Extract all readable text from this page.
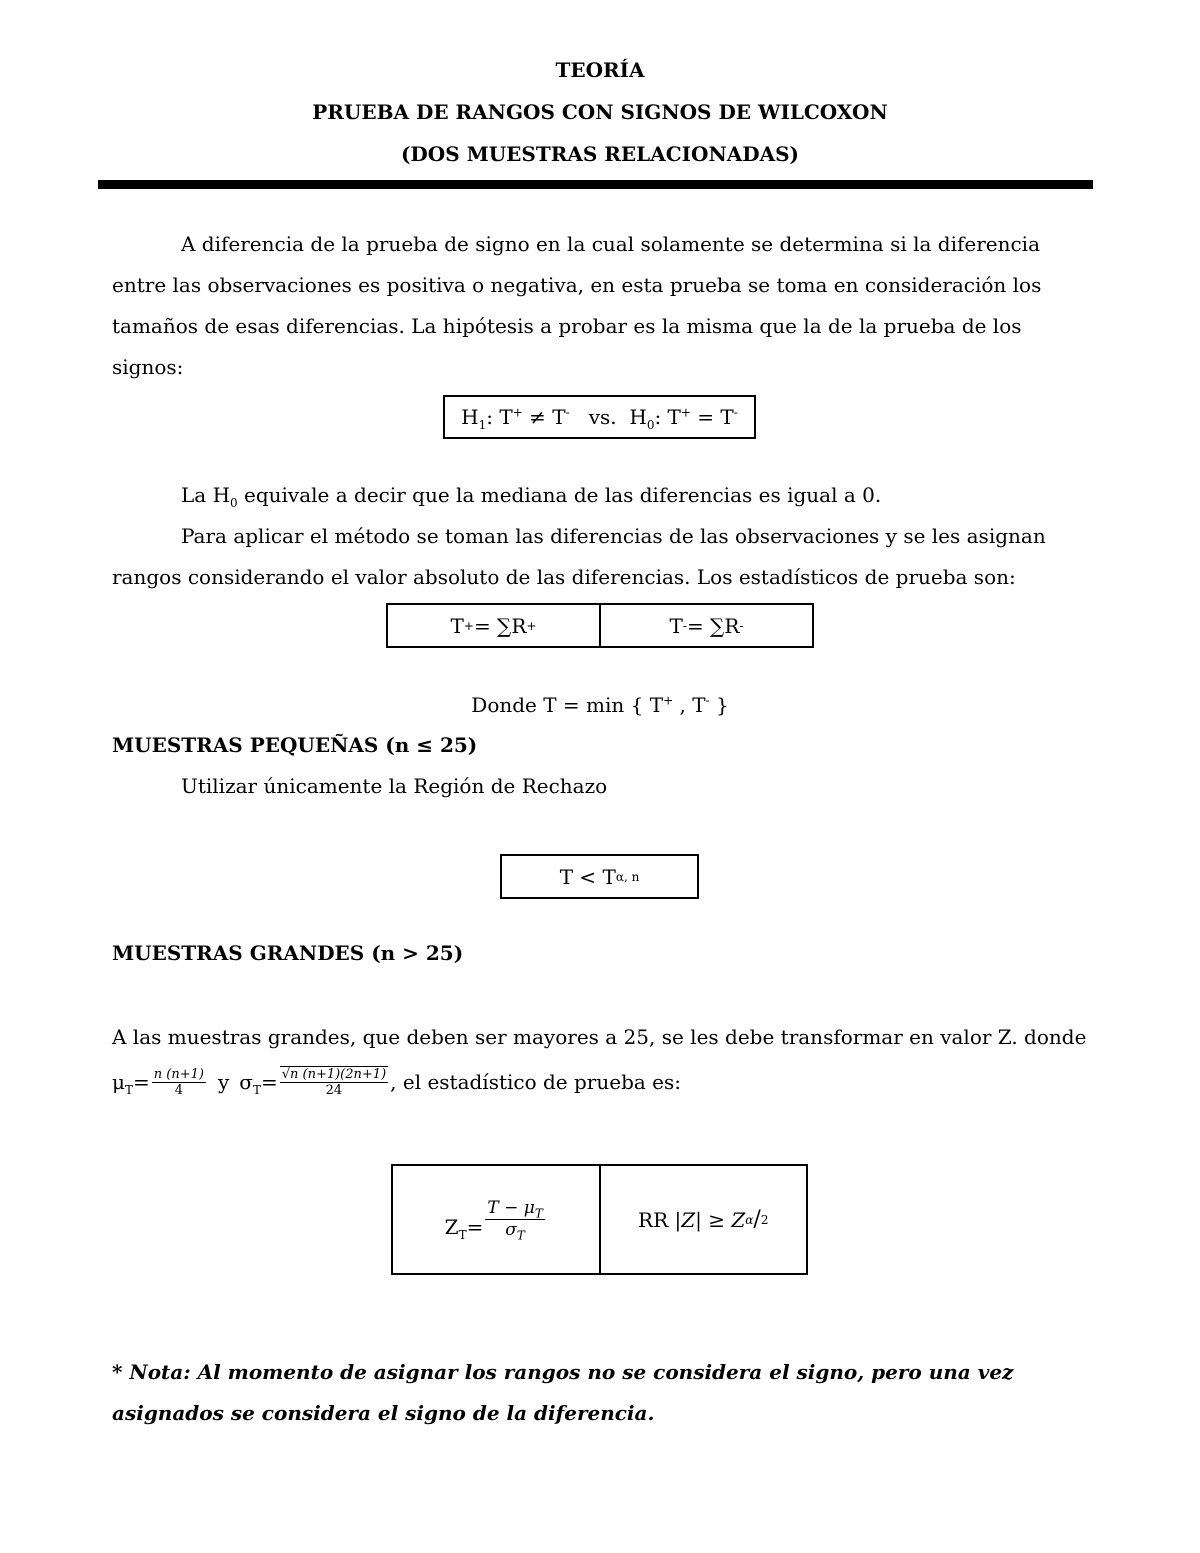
TEORÍA
PRUEBA DE RANGOS CON SIGNOS DE WILCOXON
(DOS MUESTRAS RELACIONADAS)
A diferencia de la prueba de signo en la cual solamente se determina si la diferencia entre las observaciones es positiva o negativa, en esta prueba se toma en consideración los tamaños de esas diferencias. La hipótesis a probar es la misma que la de la prueba de los signos:
$H_1$: T+ ≠ T- vs. $H_0$: T+ = T-
La $H_0$ equivale a decir que la mediana de las diferencias es igual a 0.
Para aplicar el método se toman las diferencias de las observaciones y se les asignan rangos considerando el valor absoluto de las diferencias. Los estadísticos de prueba son:
T + = ∑R +	T - = ∑R -
Donde T = min { T+ , T- }
MUESTRAS PEQUEÑAS (n ≤ 25)
Utilizar únicamente la Región de Rechazo
T < T α, n
MUESTRAS GRANDES (n > 25)
A las muestras grandes, que deben ser mayores a 25, se les debe transformar en valor Z. donde
$\mu_T= \frac{n (n+1)}{4}$ y $\sigma_T= \frac{√n (n+1)(2n+1)}{24}$ , el estadístico de prueba es:
$Z_T= \frac{T - \mu_T}{\sigma_T}$	RR
|Z| ≥ Z α / 2
* Nota: Al momento de asignar los rangos no se considera el signo, pero una vez asignados se considera el signo de la diferencia.
